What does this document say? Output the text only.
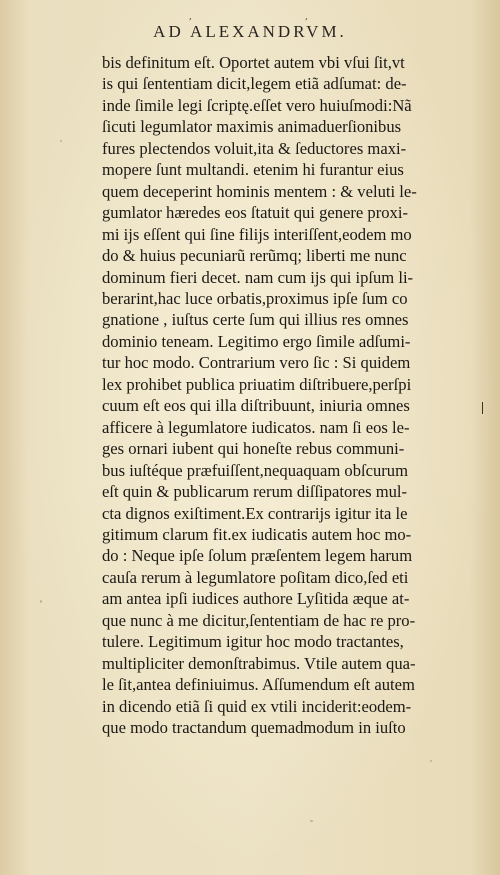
,	,
AD ALEXANDRVM.
bis definitum eſt. Oportet autem vbi vſui ſit,vt
is qui ſententiam dicit,legem etiã adſumat: de-
inde ſimile legi ſcriptę.eſſet vero huiuſmodi:Nã
ſicuti legumlator maximis animaduerſionibus
fures plectendos voluit,ita & ſeductores maxi-
mopere ſunt multandi. etenim hi furantur eius
quem deceperint hominis mentem : & veluti le-
gumlator hæredes eos ſtatuit qui genere proxi-
mi ijs eſſent qui ſine filijs interiſſent,eodem mo
do & huius pecuniarũ rerũmq; liberti me nunc
dominum fieri decet. nam cum ijs qui ipſum li-
berarint,hac luce orbatis,proximus ipſe ſum co
gnatione , iuſtus certe ſum qui illius res omnes
dominio teneam. Legitimo ergo ſimile adſumi-
tur hoc modo. Contrarium vero ſic : Si quidem
lex prohibet publica priuatim diſtribuere,perſpi
cuum eſt eos qui illa diſtribuunt, iniuria omnes
afficere à legumlatore iudicatos. nam ſi eos le-
ges ornari iubent qui honeſte rebus communi-
bus iuſtéque præfuiſſent,nequaquam obſcurum
eſt quin & publicarum rerum diſſipatores mul-
cta dignos exiſtiment.Ex contrarijs igitur ita le
gitimum clarum fit.ex iudicatis autem hoc mo-
do : Neque ipſe ſolum præſentem legem harum
cauſa rerum à legumlatore poſitam dico,ſed eti
am antea ipſi iudices authore Lyſitida æque at-
que nunc à me dicitur,ſententiam de hac re pro-
tulere. Legitimum igitur hoc modo tractantes,
multipliciter demonſtrabimus. Vtile autem qua-
le ſit,antea definiuimus. Aſſumendum eſt autem
in dicendo etiã ſi quid ex vtili inciderit:eodem-
que modo tractandum quemadmodum in iuſto
